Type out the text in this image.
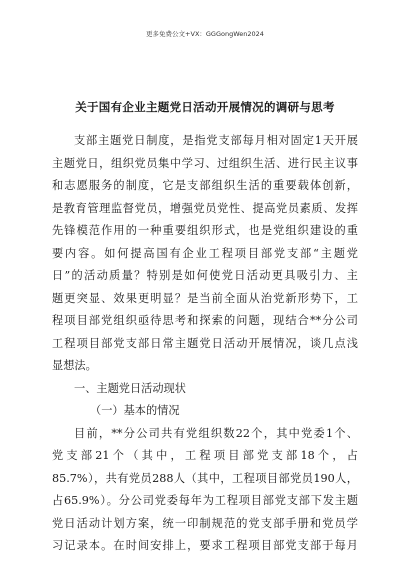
更多免费公文+VX：GGGongWen2024
关于国有企业主题党日活动开展情况的调研与思考
支部主题党日制度，是指党支部每月相对固定1天开展
主题党日，组织党员集中学习、过组织生活、进行民主议事
和志愿服务的制度，它是支部组织生活的重要载体创新，
是教育管理监督党员，增强党员党性、提高党员素质、发挥
先锋模范作用的一种重要组织形式，也是党组织建设的重
要内容。如何提高国有企业工程项目部党支部“主题党
日”的活动质量？特别是如何使党日活动更具吸引力、主
题更突显、效果更明显？是当前全面从治党新形势下，工
程项目部党组织亟待思考和探索的问题，现结合**分公司
工程项目部党支部日常主题党日活动开展情况，谈几点浅
显想法。
一、主题党日活动现状
（一）基本的情况
目前，**分公司共有党组织数22个，其中党委1个、
党支部21个（其中，工程项目部党支部18个，占
85.7%），共有党员288人（其中，工程项目部党员190人，
占65.9%）。分公司党委每年为工程项目部党支部下发主题
党日活动计划方案，统一印制规范的党支部手册和党员学
习记录本。在时间安排上，要求工程项目部党支部于每月
